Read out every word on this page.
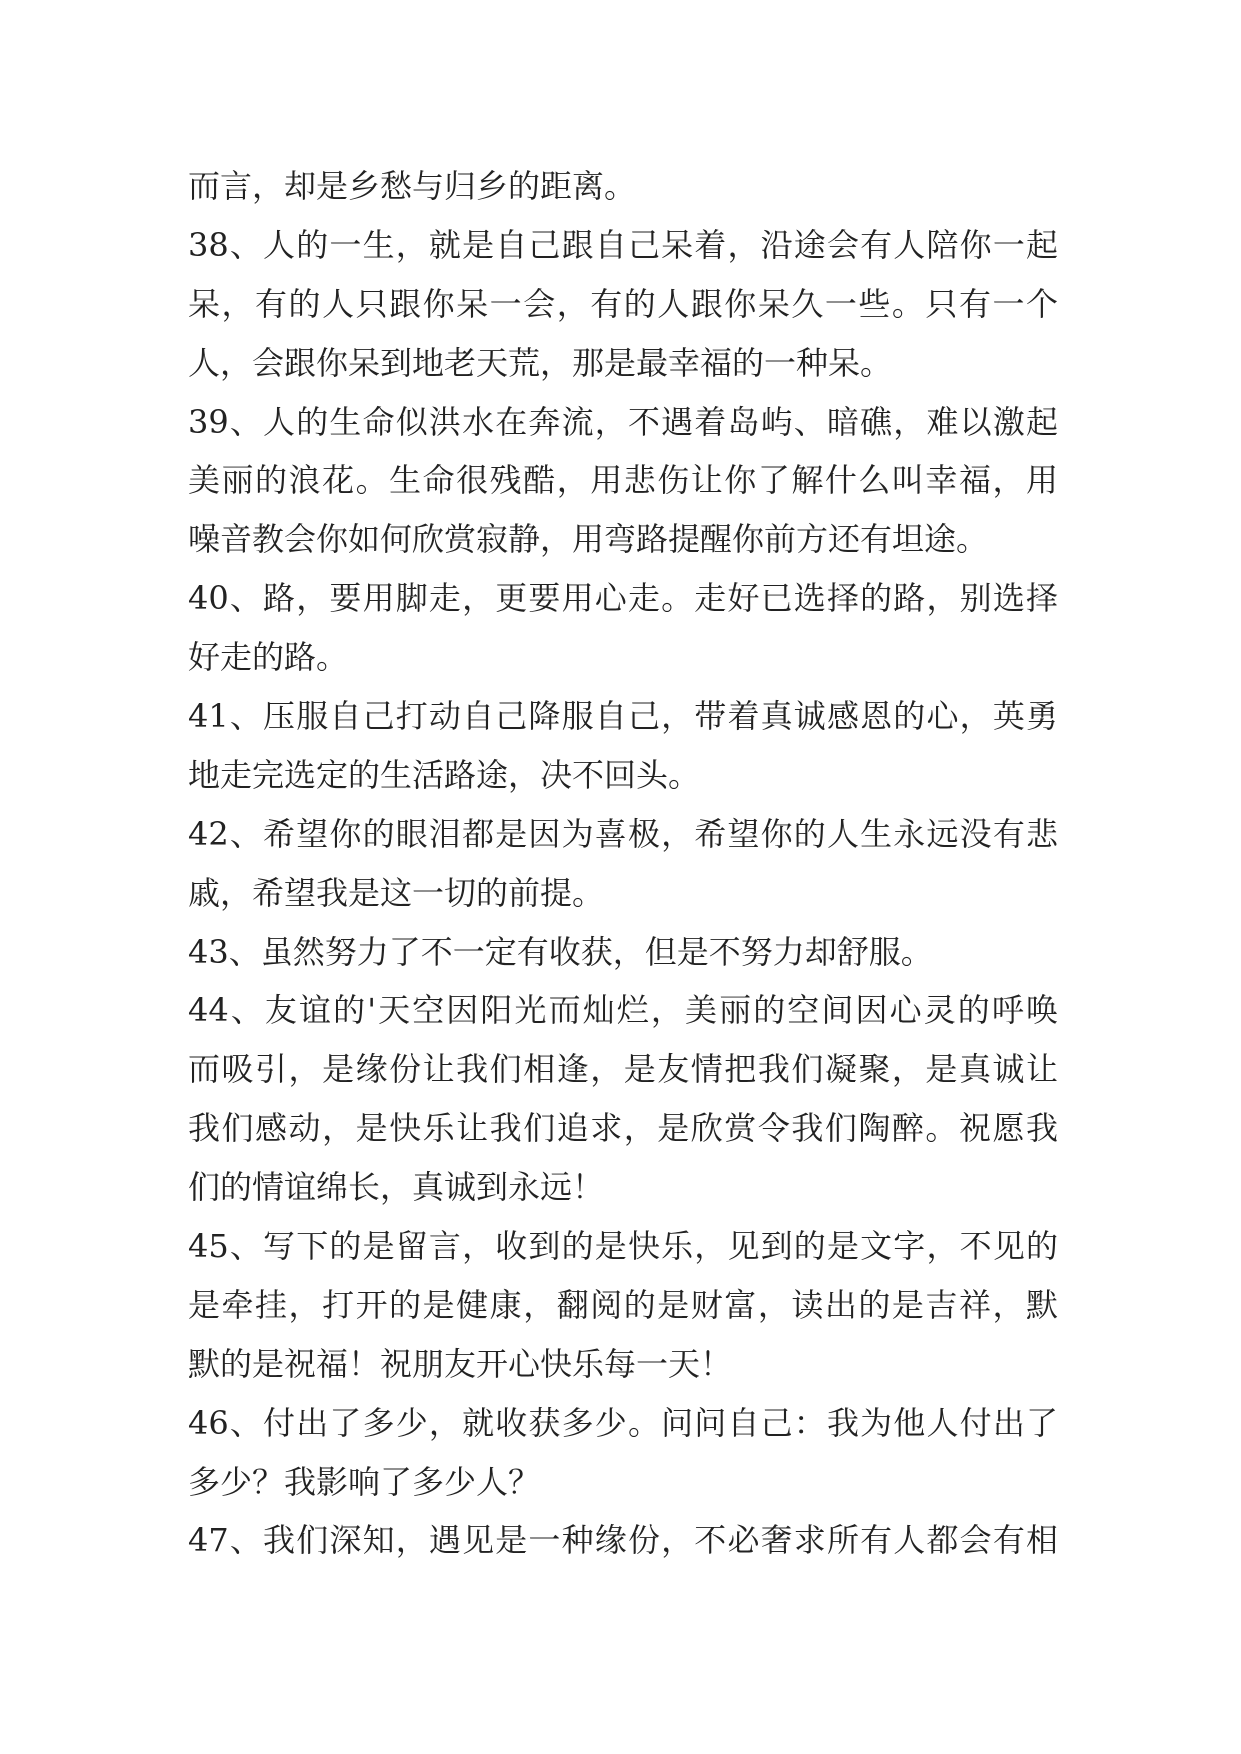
而言，却是乡愁与归乡的距离。
38、人的一生，就是自己跟自己呆着，沿途会有人陪你一起
呆，有的人只跟你呆一会，有的人跟你呆久一些。只有一个
人，会跟你呆到地老天荒，那是最幸福的一种呆。
39、人的生命似洪水在奔流，不遇着岛屿、暗礁，难以激起
美丽的浪花。生命很残酷，用悲伤让你了解什么叫幸福，用
噪音教会你如何欣赏寂静，用弯路提醒你前方还有坦途。
40、路，要用脚走，更要用心走。走好已选择的路，别选择
好走的路。
41、压服自己打动自己降服自己，带着真诚感恩的心，英勇
地走完选定的生活路途，决不回头。
42、希望你的眼泪都是因为喜极，希望你的人生永远没有悲
戚，希望我是这一切的前提。
43、虽然努力了不一定有收获，但是不努力却舒服。
44、友谊的'天空因阳光而灿烂，美丽的空间因心灵的呼唤
而吸引，是缘份让我们相逢，是友情把我们凝聚，是真诚让
我们感动，是快乐让我们追求，是欣赏令我们陶醉。祝愿我
们的情谊绵长，真诚到永远！
45、写下的是留言，收到的是快乐，见到的是文字，不见的
是牵挂，打开的是健康，翻阅的是财富，读出的是吉祥，默
默的是祝福！祝朋友开心快乐每一天！
46、付出了多少，就收获多少。问问自己：我为他人付出了
多少？我影响了多少人？
47、我们深知，遇见是一种缘份，不必奢求所有人都会有相
